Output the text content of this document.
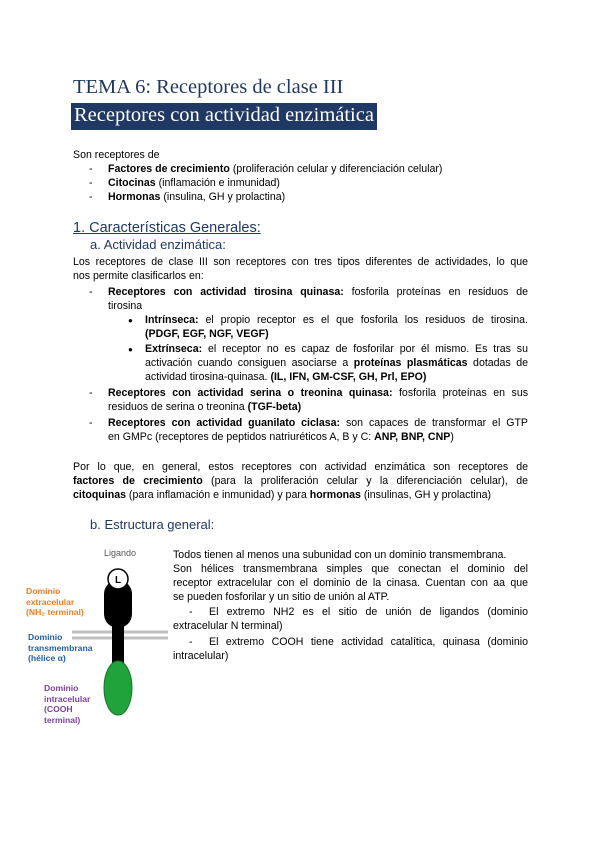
TEMA 6: Receptores de clase III
Receptores con actividad enzimática
Son receptores de
- Factores de crecimiento (proliferación celular y diferenciación celular)
- Citocinas (inflamación e inmunidad)
- Hormonas (insulina, GH y prolactina)
1. Características Generales:
a. Actividad enzimática:
Los receptores de clase III son receptores con tres tipos diferentes de actividades, lo que
nos permite clasificarlos en:
- Receptores con actividad tirosina quinasa: fosforila proteínas en residuos de
tirosina
● Intrínseca: el propio receptor es el que fosforila los residuos de tirosina.
(PDGF, EGF, NGF, VEGF)
● Extrínseca: el receptor no es capaz de fosforilar por él mismo. Es tras su
activación cuando consiguen asociarse a proteínas plasmáticas dotadas de
actividad tirosina-quinasa. (IL, IFN, GM-CSF, GH, Prl, EPO)
- Receptores con actividad serina o treonina quinasa: fosforila proteínas en sus
residuos de serina o treonina (TGF-beta)
- Receptores con actividad guanilato ciclasa: son capaces de transformar el GTP
en GMPc (receptores de peptidos natriuréticos A, B y C: ANP, BNP, CNP)
Por lo que, en general, estos receptores con actividad enzimática son receptores de
factores de crecimiento (para la proliferación celular y la diferenciación celular), de
citoquinas (para inflamación e inmunidad) y para hormonas (insulinas, GH y prolactina)
b. Estructura general:
L
Ligando
Dominio
extracelular
(NH₂ terminal)
Dominio
transmembrana
(hélice α)
Dominio
intracelular
(COOH
terminal)
Todos tienen al menos una subunidad con un dominio transmembrana.
Son hélices transmembrana simples que conectan el dominio del
receptor extracelular con el dominio de la cinasa. Cuentan con aa que
se pueden fosforilar y un sitio de unión al ATP.
- El extremo NH2 es el sitio de unión de ligandos (dominio
extracelular N terminal)
- El extremo COOH tiene actividad catalítica, quinasa (dominio
intracelular)
